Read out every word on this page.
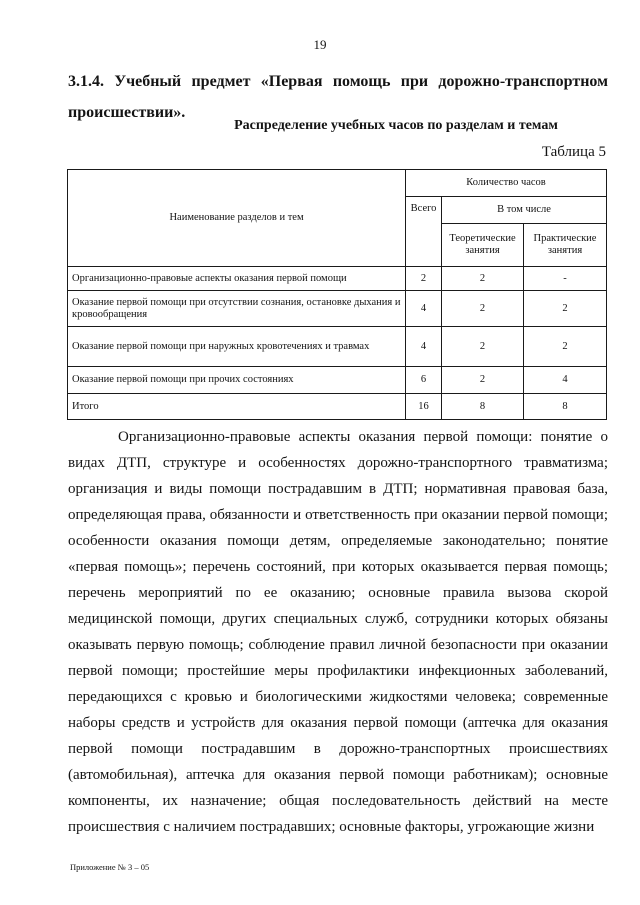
19
3.1.4. Учебный предмет «Первая помощь при дорожно-транспортном
происшествии».
Распределение учебных часов по разделам и темам
Таблица 5
Наименование разделов и тем	Количество часов		
	Всего	В том числе	
		Теоретические занятия	Практические занятия
Организационно-правовые аспекты оказания первой помощи	2	2	-
Оказание первой помощи при отсутствии сознания, остановке дыхания и кровообращения	4	2	2
Оказание первой помощи при наружных кровотечениях и травмах	4	2	2
Оказание первой помощи при прочих состояниях	6	2	4
Итого	16	8	8

Организационно-правовые аспекты оказания первой помощи: понятие о видах ДТП, структуре и особенностях дорожно-транспортного травматизма; организация и виды помощи пострадавшим в ДТП; нормативная правовая база, определяющая права, обязанности и ответственность при оказании первой помощи; особенности оказания помощи детям, определяемые законодательно; понятие «первая помощь»; перечень состояний, при которых оказывается первая помощь; перечень мероприятий по ее оказанию; основные правила вызова скорой медицинской помощи, других специальных служб, сотрудники которых обязаны оказывать первую помощь; соблюдение правил личной безопасности при оказании первой помощи; простейшие меры профилактики инфекционных заболеваний, передающихся с кровью и биологическими жидкостями человека; современные наборы средств и устройств для оказания первой помощи (аптечка для оказания первой помощи пострадавшим в дорожно-транспортных происшествиях (автомобильная), аптечка для оказания первой помощи работникам); основные компоненты, их назначение; общая последовательность действий на месте происшествия с наличием пострадавших; основные факторы, угрожающие жизни

Приложение № 3 – 05
